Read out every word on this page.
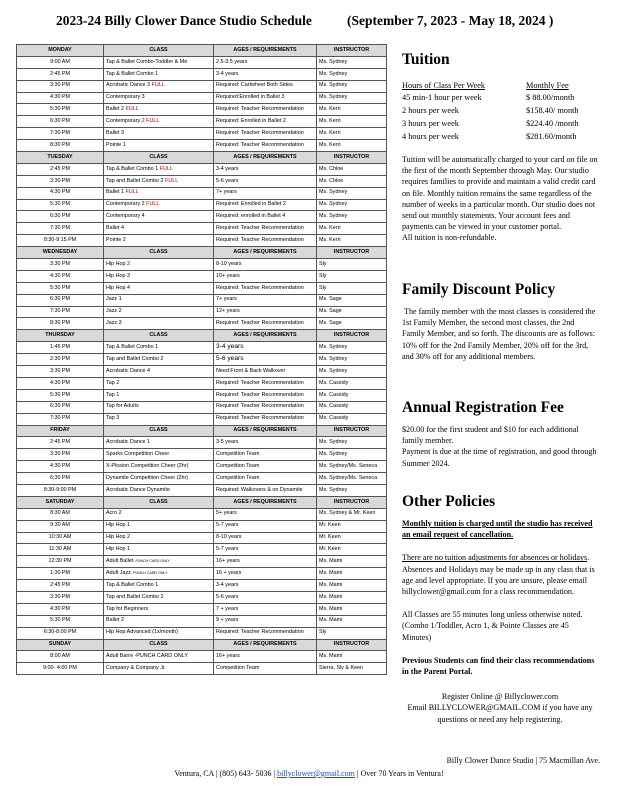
2023-24 Billy Clower Dance Studio Schedule	(September 7, 2023 - May 18, 2024 )
MONDAY	CLASS	AGES / REQUIREMENTS	INSTRUCTOR
9:00 AM	Tap & Ballet Combo-Toddler & Me	2.5-3.5 years	Ms. Sydney
2:45 PM	Tap & Ballet Combo 1	3-4 years	Ms. Sydney
3:30 PM	Acrobatic Dance 3 FULL	Required: Cartwheel Both Sides	Ms. Sydney
4:30 PM	Contemporary 3	Required:Enrolled in Ballet 3	Ms. Sydney
5:30 PM	Ballet 2 FULL	Required: Teacher Recommendation	Ms. Kerri
6:30 PM	Contemporary 2 FULL	Required: Enrolled in Ballet 2	Ms. Kerri
7:30 PM	Ballet 3	Required: Teacher Recommendation	Ms. Kerri
8:30 PM	Pointe 1	Required: Teacher Recommendation	Ms. Kerri
TUESDAY	CLASS	AGES / REQUIREMENTS	INSTRUCTOR
2:45 PM	Tap & Ballet Combo 1 FULL	3-4 years	Ms. Chloe
3:30 PM	Tap and Ballet Combo 2 FULL	5-6 years	Ms. Chloe
4:30 PM	Ballet 1 FULL	7+ years	Ms. Sydney
5:30 PM	Contemporary 2 FULL	Required: Enrolled in Ballet 2	Ms. Sydney
6:30 PM	Contemporary 4	Required: enrolled in Ballet 4	Ms. Sydney
7:30 PM	Ballet 4	Required: Teacher Recommendation	Ms. Kerri
8:30-9:15 PM	Pointe 2	Required: Teacher Recommendation	Ms. Kerri
WEDNESDAY	CLASS	AGES / REQUIREMENTS	INSTRUCTOR
3:30 PM	Hip Hop 2	8-10 years	Sly
4:30 PM	Hip Hop 3	10+ years	Sly
5:30 PM	Hip Hop 4	Required: Teacher Recommendation	Sly
6:30 PM	Jazz 1	7+ years	Ms. Sage
7:30 PM	Jazz 2	12+ years	Ms. Sage
8:30 PM	Jazz 3	Required: Teacher Recommendation	Ms. Sage
THURSDAY	CLASS	AGES / REQUIREMENTS	INSTRUCTOR
1:45 PM	Tap & Ballet Combo 1	3-4 years	Ms. Sydney
2:30 PM	Tap and Ballet Combo 2	5-6 years	Ms. Sydney
3:30 PM	Acrobatic Dance 4	Need:Front & Back Walkover	Ms. Sydney
4:30 PM	Tap 2	Required: Teacher Recommendation	Ms. Cassidy
5:30 PM	Tap 1	Required: Teacher Recommendation	Ms. Cassidy
6:30 PM	Tap for Adults	Required: Teacher Recommendation	Ms. Cassidy
7:30 PM	Tap 3	Required: Teacher Recommendation	Ms. Cassidy
FRIDAY	CLASS	AGES / REQUIREMENTS	INSTRUCTOR
2:45 PM	Acrobatic Dance 1	3-5 years	Ms. Sydney
3:30 PM	Sparks Competition Cheer	Competition Team	Ms. Sydney
4:30 PM	X-Plosion Competition Cheer (2hr)	Competition Team	Ms. Sydney/Ms. Seneca
6:30 PM	Dynamite Competition Cheer (2hr)	Competition Team	Ms. Sydney/Ms. Seneca
8:30-9:00 PM	Acrobatic Dance Dynamite	Required: Walkovers & on Dynamite	Ms. Sydney
SATURDAY	CLASS	AGES / REQUIREMENTS	INSTRUCTOR
8:30 AM	Acro 2	5+ years	Ms. Sydney & Mr. Keen
9:30 AM	Hip Hop 1	5-7 years	Mr. Keen
10:30 AM	Hip Hop 2	8-10 years	Mr. Keen
11:30 AM	Hip Hop 1	5-7 years	Mr. Keen
12:30 PM	Adult Ballet- PUNCH CARD ONLY	16+ years	Ms. Mami
1:30 PM	Adult Jazz- PUNCH CARD ONLY	16 + years	Ms. Mami
2:45 PM	Tap & Ballet Combo 1	3-4 years	Ms. Mami
3:30 PM	Tap and Ballet Combo 2	5-6 years	Ms. Mami
4:30 PM	Tap for Beginners	7 + years	Ms. Mami
5:30 PM	Ballet 2	9 + years	Ms. Mami
6:30-8:00 PM	Hip Hop Advanced (1x/month)	Required: Teacher Recommendation	Sly
SUNDAY	CLASS	AGES / REQUIREMENTS	INSTRUCTOR
8:00 AM	Adult Barre -PUNCH CARD ONLY	16+ years	Ms. Mami
9:00- 4:00 PM	Company & Company Jr.	Competition Team	Sierra, Sly & Keen
Tuition
Hours of Class Per Week	Monthly Fee
45 min-1 hour per week	$ 88.00/month
2 hours per week	$158.40/ month
3 hours per week	$224.40 /month
4 hours per week	$281.60/month

Tuition will be automatically charged to your card on file on the first of the month September through May. Our studio requires families to provide and maintain a valid credit card on file. Monthly tuition remains the same regardless of the number of weeks in a particular month. Our studio does not send out monthly statements. Your account fees and payments can be viewed in your customer portal.

All tuition is non-refundable.

Family Discount Policy

The family member with the most classes is considered the 1st Family Member, the second most classes, the 2nd Family Member, and so forth. The discounts are as follows: 10% off for the 2nd Family Member, 20% off for the 3rd, and 30% off for any additional members.

Annual Registration Fee

$20.00 for the first student and $10 for each additional family member.

Payment is due at the time of registration, and good through Summer 2024.

Other Policies

Monthly tuition is charged until the studio has received an email request of cancellation.

There are no tuition adjustments for absences or holidays. Absences and Holidays may be made up in any class that is age and level appropriate. If you are unsure, please email billyclower@gmail.com for a class recommendation.

All Classes are 55 minutes long unless otherwise noted. (Combo 1/Toddler, Acro 1, & Pointe Classes are 45 Minutes)

Previous Students can find their class recommendations in the Parent Portal.

Register Online @ Billyclower.com

Email BILLYCLOWER@GMAIL.COM if you have any questions or need any help registering.

Billy Clower Dance Studio | 75 Macmillan Ave.
Ventura, CA | (805) 643- 5036 | billyclower@gmail.com | Over 70 Years in Ventura!
